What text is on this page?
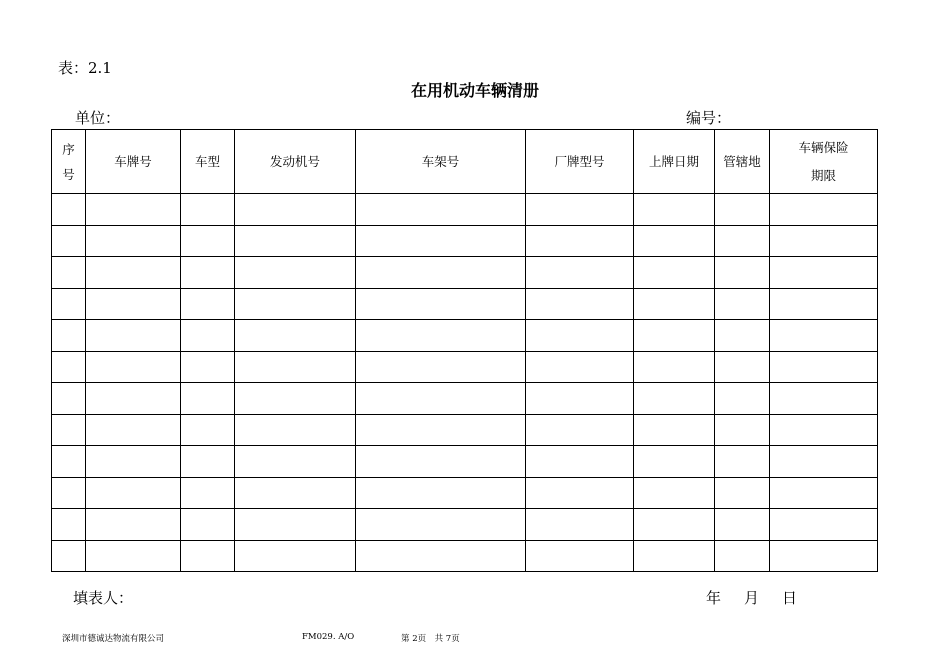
表：2.1
在用机动车辆清册
单位：	编号：
序
号	车牌号	车型	发动机号	车架号	厂牌型号	上牌日期	管辖地	车辆保险
期限

填表人：	年 月 日
深圳市德诚达物流有限公司	FM029. A/O	第 2页　共 7页
